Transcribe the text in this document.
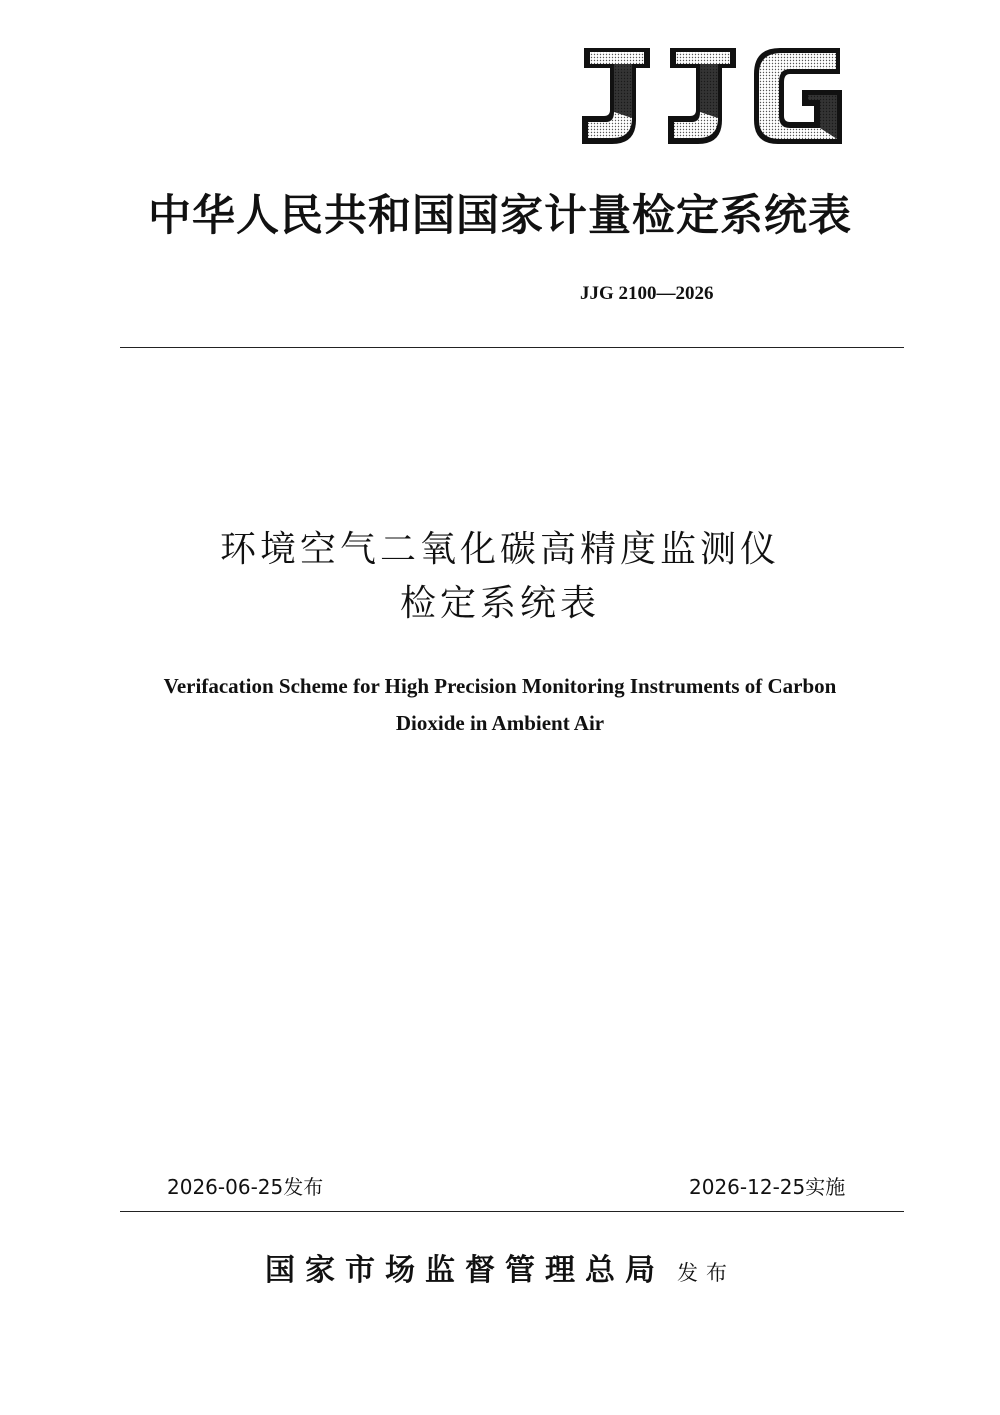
中华人民共和国国家计量检定系统表
JJG 2100—2026
环境空气二氧化碳高精度监测仪
检定系统表
Verifacation Scheme for High Precision Monitoring Instruments of Carbon
Dioxide in Ambient Air
2026-06-25发布	2026-12-25实施
国家市场监督管理总局 发布
